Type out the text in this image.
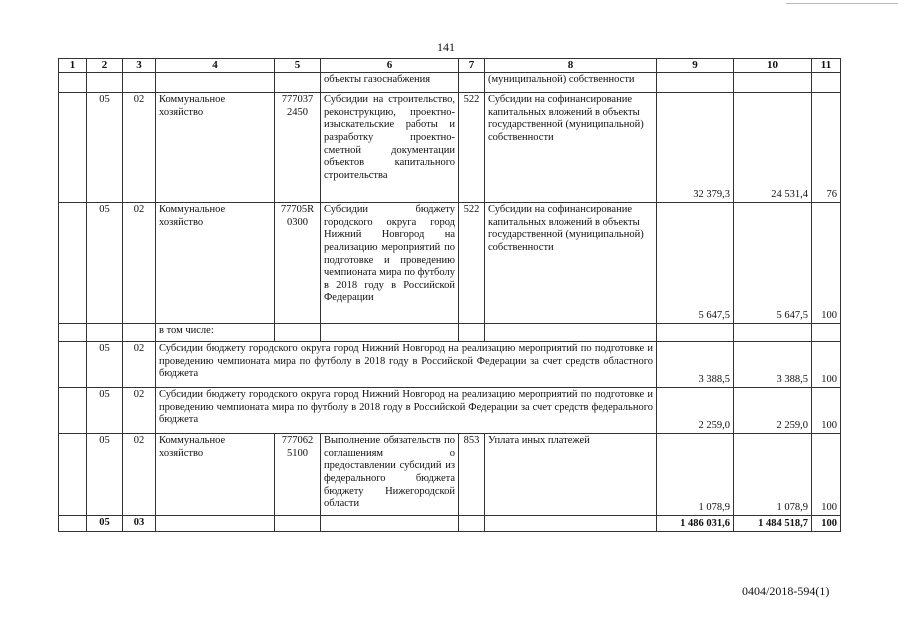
141
1	2	3	4	5	6	7	8	9	10	11
					объекты газоснабжения		(муниципальной) собственности			
	05	02	Коммунальное хозяйство	777037 2450	Субсидии на строительство, реконструкцию, проектно-изыскательские работы и разработку проектно-сметной документации объектов капитального строительства	522	Субсидии на софинансирование капитальных вложений в объекты государственной (муниципальной) собственности	32 379,3	24 531,4	76
	05	02	Коммунальное хозяйство	77705R 0300	Субсидии бюджету городского округа город Нижний Новгород на реализацию мероприятий по подготовке и проведению чемпионата мира по футболу в 2018 году в Российской Федерации	522	Субсидии на софинансирование капитальных вложений в объекты государственной (муниципальной) собственности	5 647,5	5 647,5	100
			в том числе:							
	05	02	Субсидии бюджету городского округа город Нижний Новгород на реализацию мероприятий по подготовке и проведению чемпионата мира по футболу в 2018 году в Российской Федерации за счет средств областного бюджета					3 388,5	3 388,5	100
	05	02	Субсидии бюджету городского округа город Нижний Новгород на реализацию мероприятий по подготовке и проведению чемпионата мира по футболу в 2018 году в Российской Федерации за счет средств федерального бюджета					2 259,0	2 259,0	100
	05	02	Коммунальное хозяйство	777062 5100	Выполнение обязательств по соглашениям о предоставлении субсидий из федерального бюджета бюджету Нижегородской области	853	Уплата иных платежей	1 078,9	1 078,9	100
	05	03						1 486 031,6	1 484 518,7	100
0404/2018-594(1)
